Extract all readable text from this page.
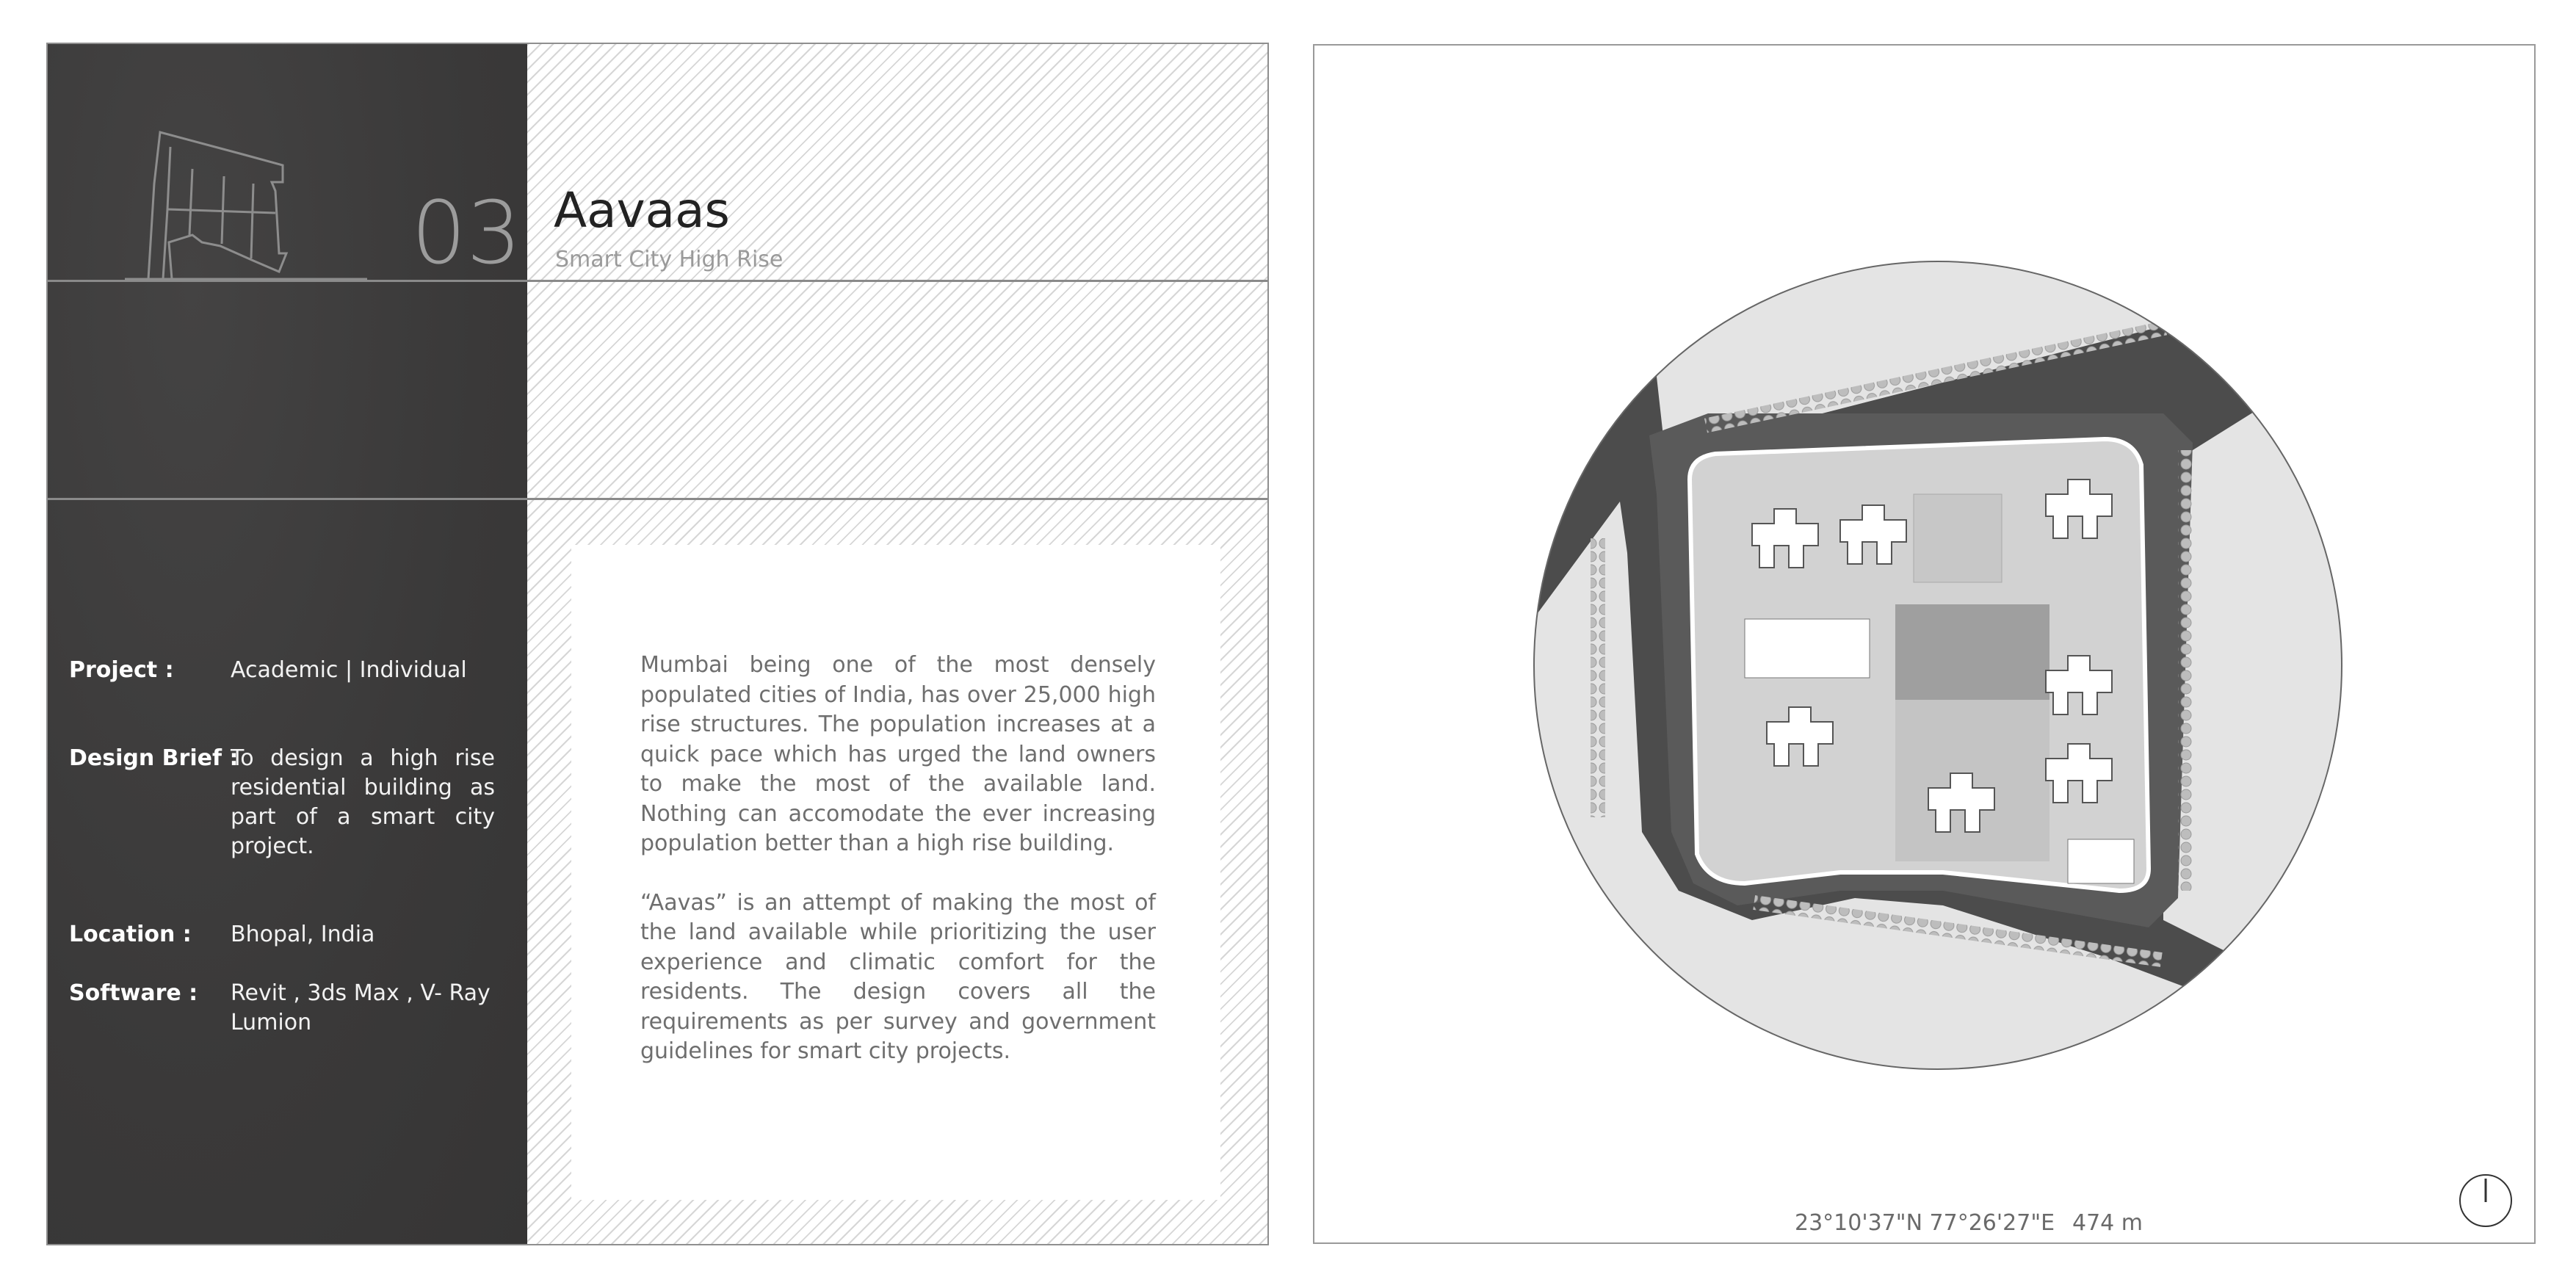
03 Aavaas
Smart City High Rise
Project :	Academic | Individual
Design Brief :
To design a high rise residential building as part of a smart city project.
Location : Bhopal, India
Software : Revit , 3ds Max , V- Ray
Lumion

Mumbai being one of the most densely populated cities of India, has over 25,000 high rise structures. The population increases at a quick pace which has urged the land owners to make the most of the available land. Nothing can accomodate the ever increasing population better than a high rise building.

“Aavas” is an attempt of making the most of the land available while prioritizing the user experience and climatic comfort for the residents. The design covers all the requirements as per survey and government guidelines for smart city projects.

23°10'37"N 77°26'27"E 474 m
